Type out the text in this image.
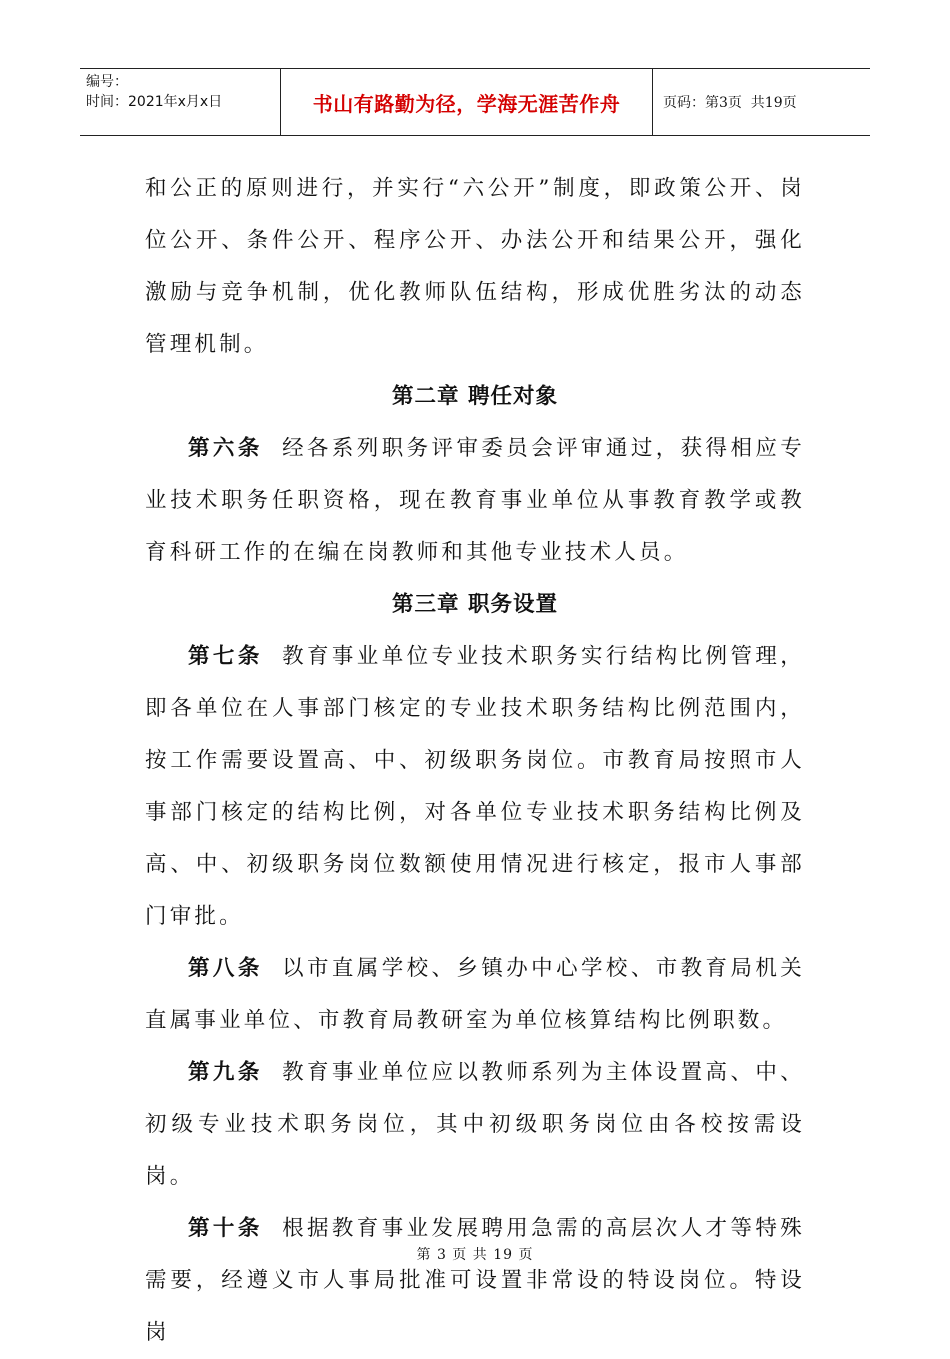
编号：
时间：2021年x月x日	书山有路勤为径，学海无涯苦作舟	页码：第3页  共19页

和公正的原则进行，并实行“六公开”制度，即政策公开、岗位公开、条件公开、程序公开、办法公开和结果公开，强化激励与竞争机制，优化教师队伍结构，形成优胜劣汰的动态管理机制。

第二章 聘任对象

第六条 经各系列职务评审委员会评审通过，获得相应专业技术职务任职资格，现在教育事业单位从事教育教学或教育科研工作的在编在岗教师和其他专业技术人员。

第三章 职务设置

第七条 教育事业单位专业技术职务实行结构比例管理，即各单位在人事部门核定的专业技术职务结构比例范围内，按工作需要设置高、中、初级职务岗位。市教育局按照市人事部门核定的结构比例，对各单位专业技术职务结构比例及高、中、初级职务岗位数额使用情况进行核定，报市人事部门审批。

第八条 以市直属学校、乡镇办中心学校、市教育局机关直属事业单位、市教育局教研室为单位核算结构比例职数。

第九条 教育事业单位应以教师系列为主体设置高、中、初级专业技术职务岗位，其中初级职务岗位由各校按需设岗。

第十条 根据教育事业发展聘用急需的高层次人才等特殊需要，经遵义市人事局批准可设置非常设的特设岗位。特设岗

第 3 页 共 19 页
